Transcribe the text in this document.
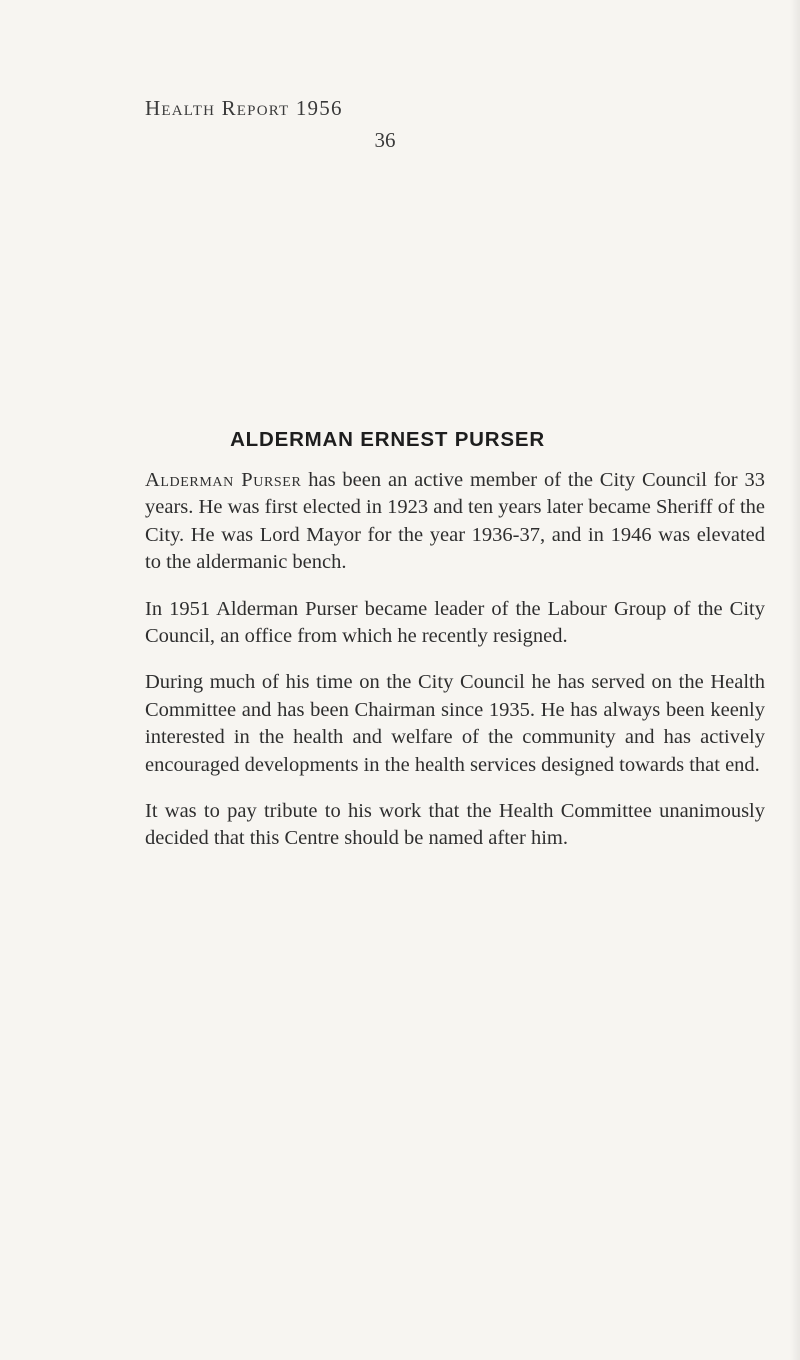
Health Report 1956
36
ALDERMAN ERNEST PURSER

Alderman Purser has been an active member of the City Council for 33 years. He was first elected in 1923 and ten years later became Sheriff of the City. He was Lord Mayor for the year 1936-37, and in 1946 was elevated to the aldermanic bench.

In 1951 Alderman Purser became leader of the Labour Group of the City Council, an office from which he recently resigned.

During much of his time on the City Council he has served on the Health Committee and has been Chairman since 1935. He has always been keenly interested in the health and welfare of the community and has actively encouraged developments in the health services designed towards that end.

It was to pay tribute to his work that the Health Committee unanimously decided that this Centre should be named after him.
